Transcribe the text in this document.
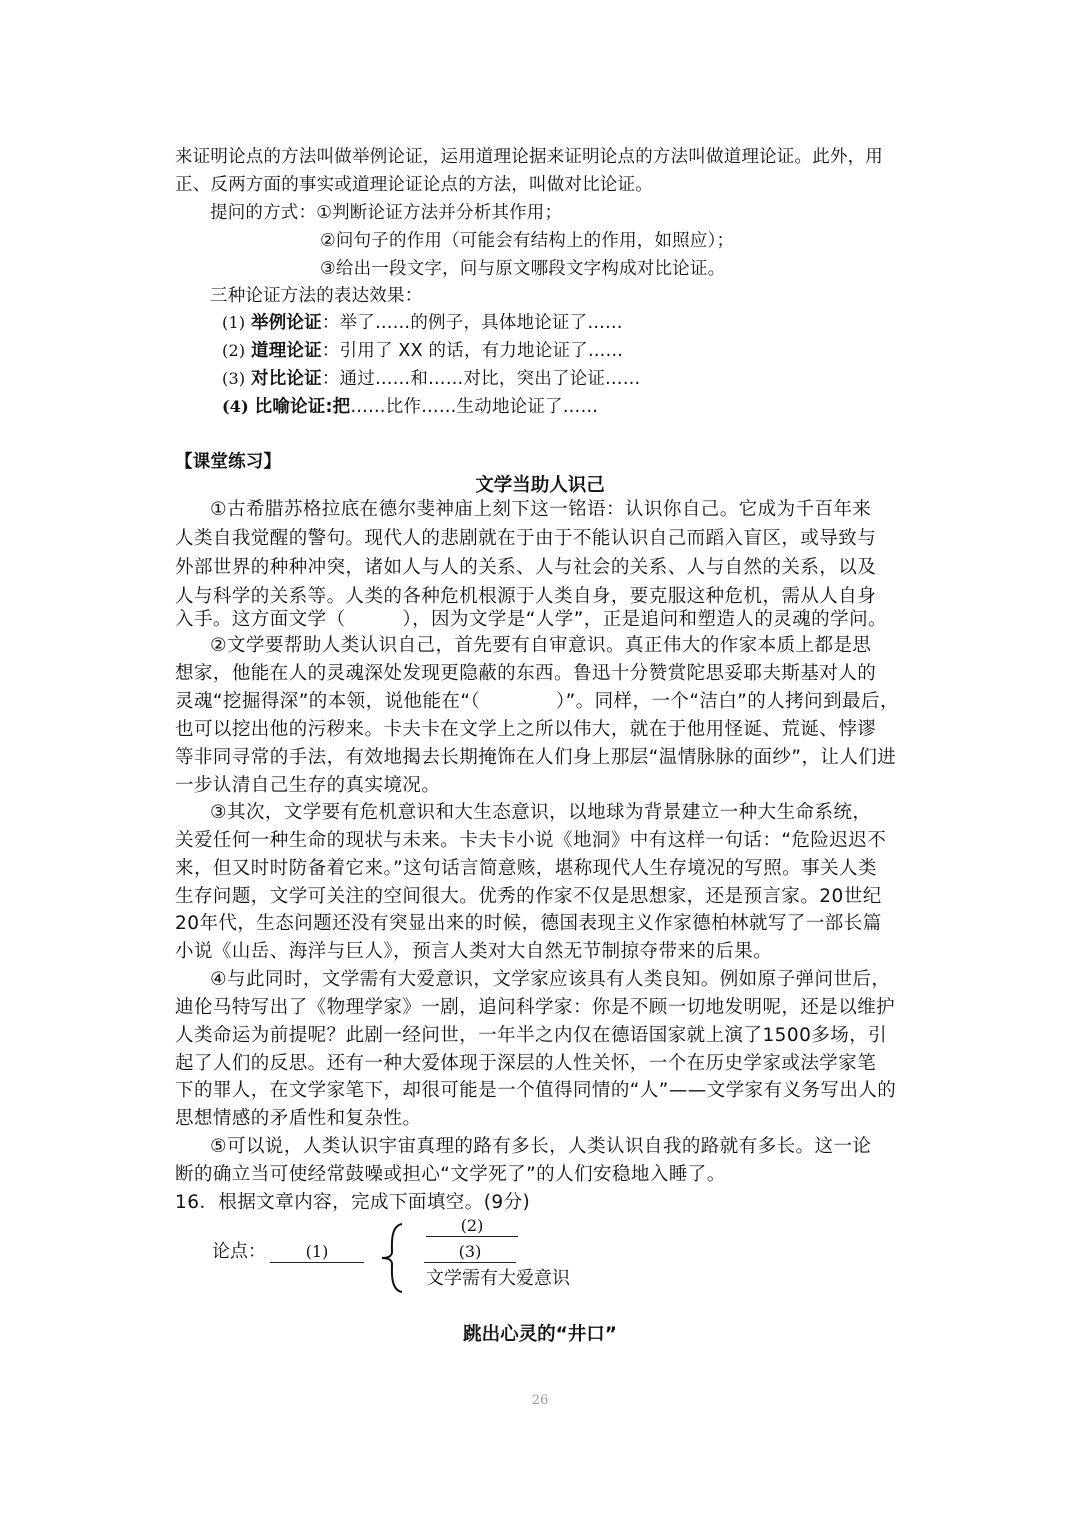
来证明论点的方法叫做举例论证，运用道理论据来证明论点的方法叫做道理论证。此外，用
正、反两方面的事实或道理论证论点的方法，叫做对比论证。
提问的方式：①判断论证方法并分析其作用；
②问句子的作用（可能会有结构上的作用，如照应）；
③给出一段文字，问与原文哪段文字构成对比论证。
三种论证方法的表达效果：
(1) 举例论证：举了……的例子，具体地论证了……
(2) 道理论证：引用了 XX 的话，有力地论证了……
(3) 对比论证：通过……和……对比，突出了论证……
(4) 比喻论证:把……比作……生动地论证了……
【课堂练习】
文学当助人识己
①古希腊苏格拉底在德尔斐神庙上刻下这一铭语：认识你自己。它成为千百年来
人类自我觉醒的警句。现代人的悲剧就在于由于不能认识自己而蹈入盲区，或导致与
外部世界的种种冲突，诸如人与人的关系、人与社会的关系、人与自然的关系，以及
人与科学的关系等。人类的各种危机根源于人类自身，要克服这种危机，需从人自身
入手。这方面文学（　　　），因为文学是“人学”，正是追问和塑造人的灵魂的学问。
②文学要帮助人类认识自己，首先要有自审意识。真正伟大的作家本质上都是思
想家，他能在人的灵魂深处发现更隐蔽的东西。鲁迅十分赞赏陀思妥耶夫斯基对人的
灵魂“挖掘得深”的本领，说他能在“（　　　　）”。同样，一个“洁白”的人拷问到最后，
也可以挖出他的污秽来。卡夫卡在文学上之所以伟大，就在于他用怪诞、荒诞、悖谬
等非同寻常的手法，有效地揭去长期掩饰在人们身上那层“温情脉脉的面纱”，让人们进
一步认清自己生存的真实境况。
③其次，文学要有危机意识和大生态意识，以地球为背景建立一种大生命系统，
关爱任何一种生命的现状与未来。卡夫卡小说《地洞》中有这样一句话：“危险迟迟不
来，但又时时防备着它来。”这句话言简意赅，堪称现代人生存境况的写照。事关人类
生存问题，文学可关注的空间很大。优秀的作家不仅是思想家，还是预言家。20世纪
20年代，生态问题还没有突显出来的时候，德国表现主义作家德柏林就写了一部长篇
小说《山岳、海洋与巨人》，预言人类对大自然无节制掠夺带来的后果。
④与此同时，文学需有大爱意识，文学家应该具有人类良知。例如原子弹问世后，
迪伦马特写出了《物理学家》一剧，追问科学家：你是不顾一切地发明呢，还是以维护
人类命运为前提呢？此剧一经问世，一年半之内仅在德语国家就上演了1500多场，引
起了人们的反思。还有一种大爱体现于深层的人性关怀，一个在历史学家或法学家笔
下的罪人，在文学家笔下，却很可能是一个值得同情的“人”——文学家有义务写出人的
思想情感的矛盾性和复杂性。
⑤可以说，人类认识宇宙真理的路有多长，人类认识自我的路就有多长。这一论
断的确立当可使经常鼓噪或担心“文学死了”的人们安稳地入睡了。
16．根据文章内容，完成下面填空。(9分)
论点：	(1)
(2)
(3)
文学需有大爱意识
跳出心灵的“井口”
26
